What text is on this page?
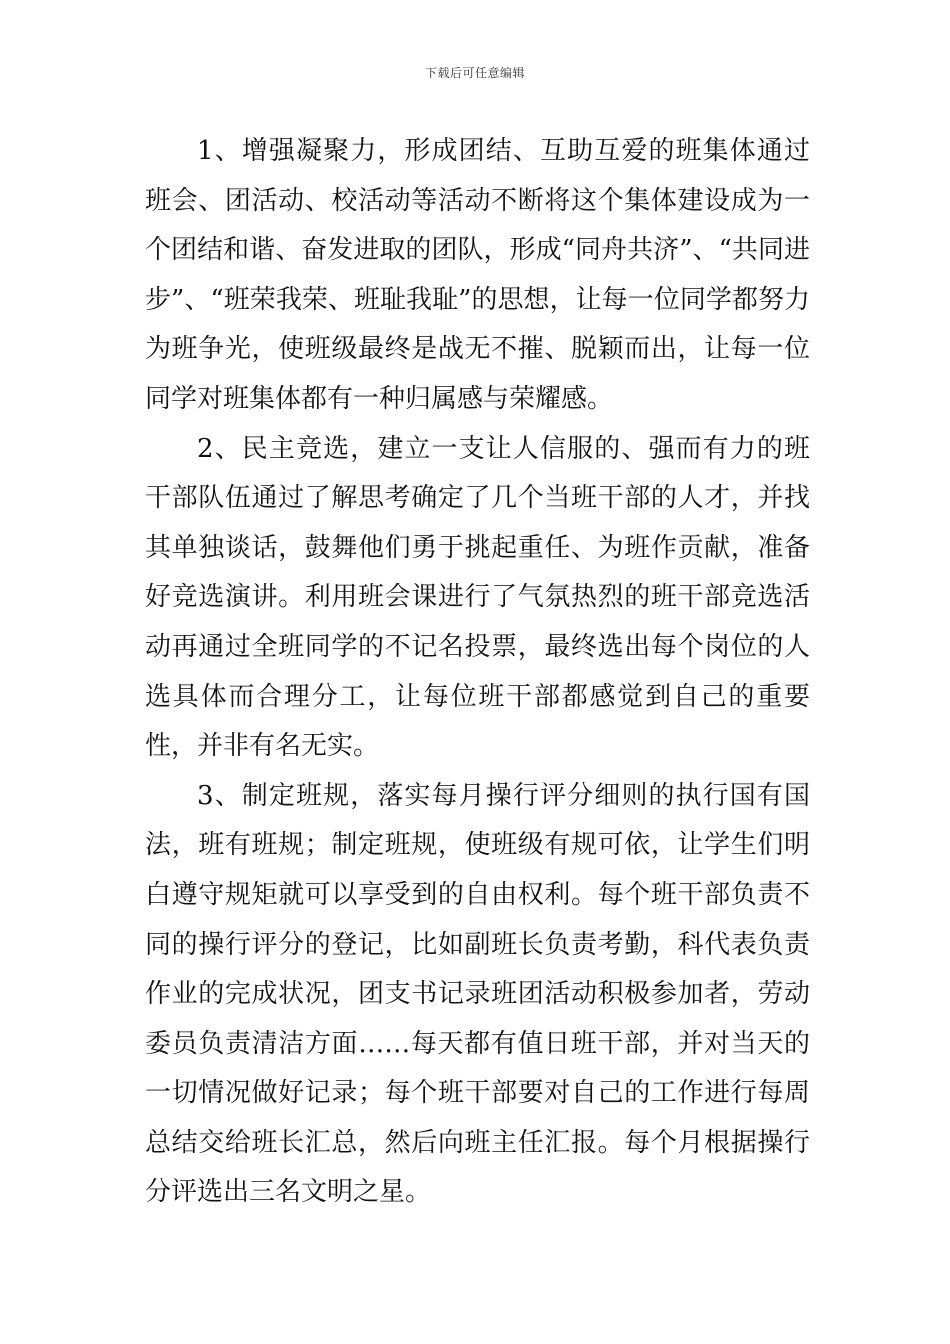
下载后可任意编辑

1、增强凝聚力，形成团结、互助互爱的班集体通过班会、团活动、校活动等活动不断将这个集体建设成为一个团结和谐、奋发进取的团队，形成“同舟共济”、“共同进步”、“班荣我荣、班耻我耻”的思想，让每一位同学都努力为班争光，使班级最终是战无不摧、脱颖而出，让每一位同学对班集体都有一种归属感与荣耀感。

2、民主竞选，建立一支让人信服的、强而有力的班干部队伍通过了解思考确定了几个当班干部的人才，并找其单独谈话，鼓舞他们勇于挑起重任、为班作贡献，准备好竞选演讲。利用班会课进行了气氛热烈的班干部竞选活动再通过全班同学的不记名投票，最终选出每个岗位的人选具体而合理分工，让每位班干部都感觉到自己的重要性，并非有名无实。

3、制定班规，落实每月操行评分细则的执行国有国法，班有班规；制定班规，使班级有规可依，让学生们明白遵守规矩就可以享受到的自由权利。每个班干部负责不同的操行评分的登记，比如副班长负责考勤，科代表负责作业的完成状况，团支书记录班团活动积极参加者，劳动委员负责清洁方面……每天都有值日班干部，并对当天的一切情况做好记录；每个班干部要对自己的工作进行每周总结交给班长汇总，然后向班主任汇报。每个月根据操行分评选出三名文明之星。
